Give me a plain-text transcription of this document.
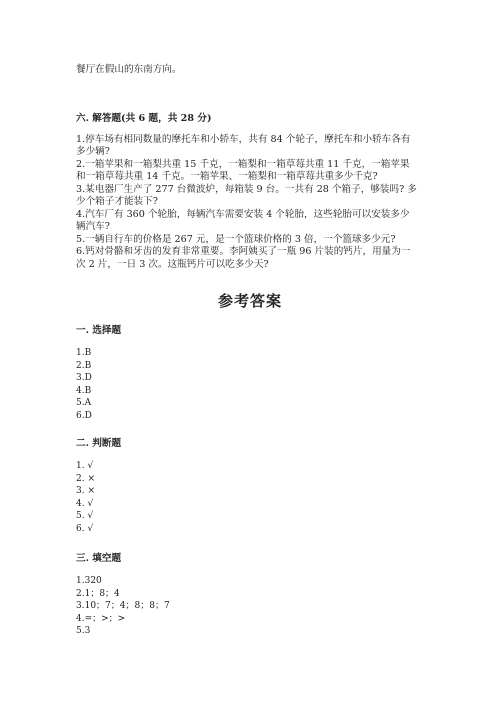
餐厅在假山的东南方向。
六. 解答题(共 6 题，共 28 分)
1.停车场有相同数量的摩托车和小轿车，共有 84 个轮子，摩托车和小轿车各有
多少辆?
2.一箱苹果和一箱梨共重 15 千克，一箱梨和一箱草莓共重 11 千克，一箱苹果
和一箱草莓共重 14 千克。一箱苹果、一箱梨和一箱草莓共重多少千克?
3.某电器厂生产了 277 台微波炉，每箱装 9 台。一共有 28 个箱子，够装吗? 多
少个箱子才能装下?
4.汽车厂有 360 个轮胎，每辆汽车需要安装 4 个轮胎，这些轮胎可以安装多少
辆汽车?
5.一辆自行车的价格是 267 元，是一个篮球价格的 3 倍，一个篮球多少元?
6.钙对骨骼和牙齿的发育非常重要。李阿姨买了一瓶 96 片装的钙片，用量为一
次 2 片，一日 3 次。这瓶钙片可以吃多少天?
参考答案
一. 选择题
1.B
2.B
3.D
4.B
5.A
6.D
二. 判断题
1. √
2. ×
3. ×
4. √
5. √
6. √
三. 填空题
1.320
2.1；8；4
3.10；7；4；8；8；7
4.=；>；>
5.3
